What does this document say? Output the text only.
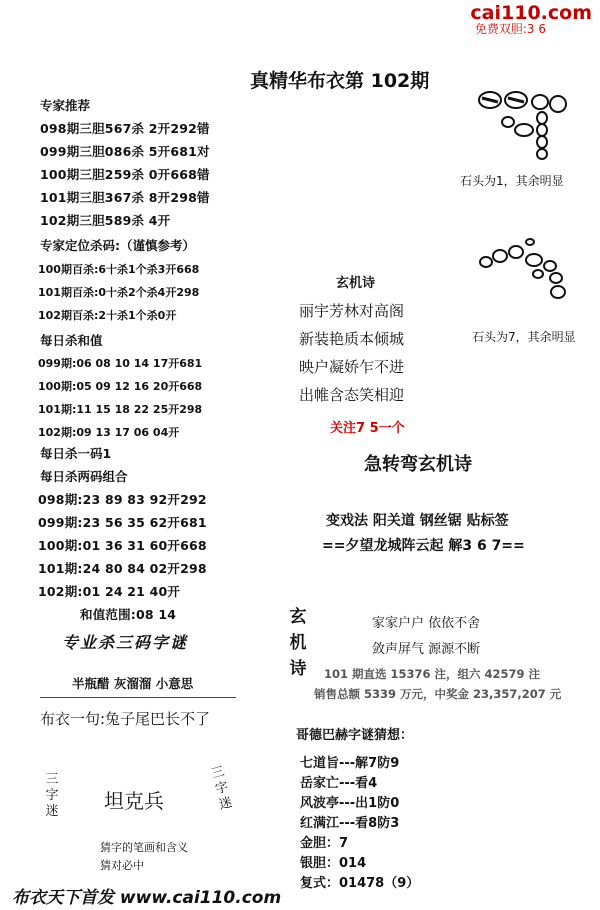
cai110.com
免费双胆:3 6
真精华布衣第 102期
专家推荐
098期三胆567杀 2开292错
099期三胆086杀 5开681对
100期三胆259杀 0开668错
101期三胆367杀 8开298错
102期三胆589杀 4开
专家定位杀码:（谨慎参考）
100期百杀:6十杀1个杀3开668
101期百杀:0十杀2个杀4开298
102期百杀:2十杀1个杀0开
每日杀和值
099期:06 08 10 14 17开681
100期:05 09 12 16 20开668
101期:11 15 18 22 25开298
102期:09 13 17 06 04开
每日杀一码1
每日杀两码组合
098期:23 89 83 92开292
099期:23 56 35 62开681
100期:01 36 31 60开668
101期:24 80 84 02开298
102期:01 24 21 40开
和值范围:08 14
专业杀三码字谜
半瓶醋 灰溜溜 小意思
布衣一句:兔子尾巴长不了
三字迷 坦克兵
三字迷
猜字的笔画和含义
猜对必中
布衣天下首发 www.cai110.com
石头为1，其余明显
石头为7，其余明显
玄机诗
丽宇芳林对高阁
新装艳质本倾城
映户凝娇乍不进
出帷含态笑相迎
关注7 5一个
急转弯玄机诗
变戏法 阳关道 钢丝锯 贴标签
==夕望龙城阵云起 解3 6 7==
玄机诗
家家户户 依依不舍
敛声屏气 源源不断
101 期直选 15376 注，组六 42579 注
销售总额 5339 万元，中奖金 23,357,207 元
哥德巴赫字谜猜想：
七道旨---解7防9
岳家亡---看4
风波亭---出1防0
红满江---看8防3
金胆：7
银胆：014
复式：01478（9）
